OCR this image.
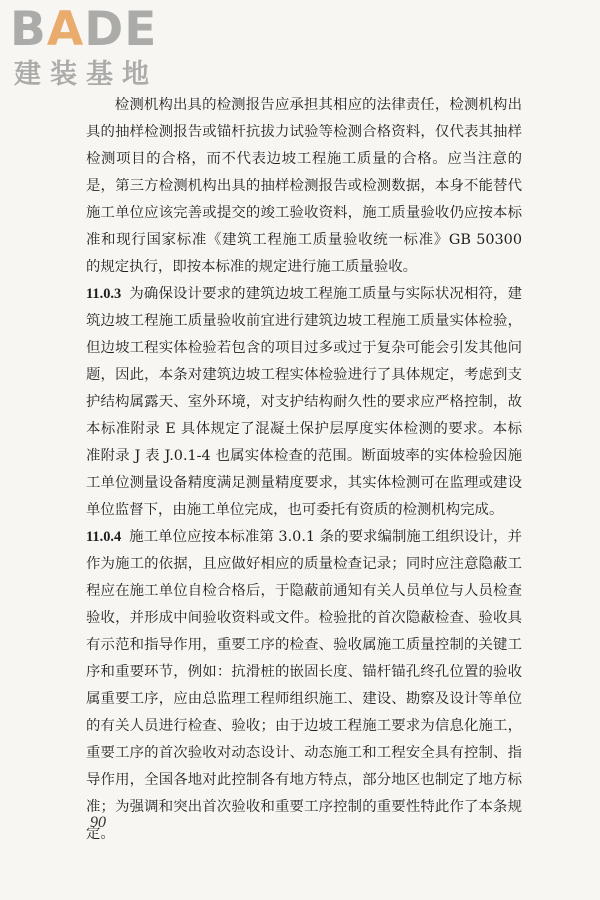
BADE
建装基地

检测机构出具的检测报告应承担其相应的法律责任，检测机构出具的抽样检测报告或锚杆抗拔力试验等检测合格资料，仅代表其抽样检测项目的合格，而不代表边坡工程施工质量的合格。应当注意的是，第三方检测机构出具的抽样检测报告或检测数据，本身不能替代施工单位应该完善或提交的竣工验收资料，施工质量验收仍应按本标准和现行国家标准《建筑工程施工质量验收统一标准》GB 50300 的规定执行，即按本标准的规定进行施工质量验收。

11.0.3 为确保设计要求的建筑边坡工程施工质量与实际状况相符，建筑边坡工程施工质量验收前宜进行建筑边坡工程施工质量实体检验，但边坡工程实体检验若包含的项目过多或过于复杂可能会引发其他问题，因此，本条对建筑边坡工程实体检验进行了具体规定，考虑到支护结构属露天、室外环境，对支护结构耐久性的要求应严格控制，故本标准附录 E 具体规定了混凝土保护层厚度实体检测的要求。本标准附录 J 表 J.0.1-4 也属实体检查的范围。断面坡率的实体检验因施工单位测量设备精度满足测量精度要求，其实体检测可在监理或建设单位监督下，由施工单位完成，也可委托有资质的检测机构完成。

11.0.4 施工单位应按本标准第 3.0.1 条的要求编制施工组织设计，并作为施工的依据，且应做好相应的质量检查记录；同时应注意隐蔽工程应在施工单位自检合格后，于隐蔽前通知有关人员单位与人员检查验收，并形成中间验收资料或文件。检验批的首次隐蔽检查、验收具有示范和指导作用，重要工序的检查、验收属施工质量控制的关键工序和重要环节，例如：抗滑桩的嵌固长度、锚杆锚孔终孔位置的验收属重要工序，应由总监理工程师组织施工、建设、勘察及设计等单位的有关人员进行检查、验收；由于边坡工程施工要求为信息化施工，重要工序的首次验收对动态设计、动态施工和工程安全具有控制、指导作用，全国各地对此控制各有地方特点，部分地区也制定了地方标准；为强调和突出首次验收和重要工序控制的重要性特此作了本条规定。

90
